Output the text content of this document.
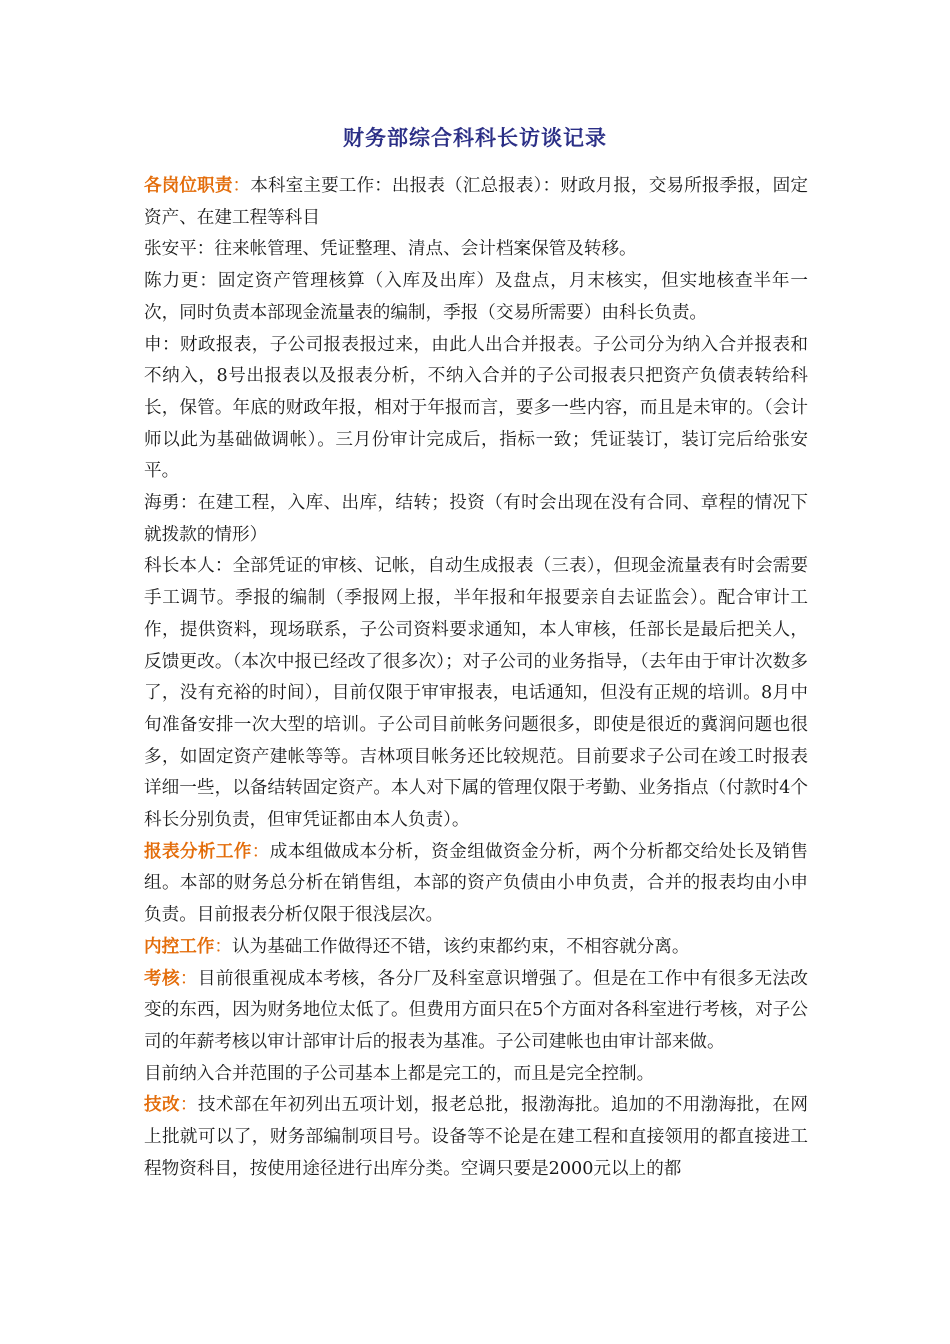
财务部综合科科长访谈记录

各岗位职责：本科室主要工作：出报表（汇总报表）：财政月报，交易所报季报，固定资产、在建工程等科目

张安平：往来帐管理、凭证整理、清点、会计档案保管及转移。

陈力更：固定资产管理核算（入库及出库）及盘点，月末核实，但实地核查半年一次，同时负责本部现金流量表的编制，季报（交易所需要）由科长负责。

申：财政报表，子公司报表报过来，由此人出合并报表。子公司分为纳入合并报表和不纳入，8号出报表以及报表分析，不纳入合并的子公司报表只把资产负债表转给科长，保管。年底的财政年报，相对于年报而言，要多一些内容，而且是未审的。（会计师以此为基础做调帐）。三月份审计完成后，指标一致；凭证装订，装订完后给张安平。

海勇：在建工程，入库、出库，结转；投资（有时会出现在没有合同、章程的情况下就拨款的情形）

科长本人：全部凭证的审核、记帐，自动生成报表（三表），但现金流量表有时会需要手工调节。季报的编制（季报网上报，半年报和年报要亲自去证监会）。配合审计工作，提供资料，现场联系，子公司资料要求通知，本人审核，任部长是最后把关人，反馈更改。（本次中报已经改了很多次）；对子公司的业务指导，（去年由于审计次数多了，没有充裕的时间），目前仅限于审审报表，电话通知，但没有正规的培训。8月中旬准备安排一次大型的培训。子公司目前帐务问题很多，即使是很近的冀润问题也很多，如固定资产建帐等等。吉林项目帐务还比较规范。目前要求子公司在竣工时报表详细一些，以备结转固定资产。本人对下属的管理仅限于考勤、业务指点（付款时4个科长分别负责，但审凭证都由本人负责）。

报表分析工作：成本组做成本分析，资金组做资金分析，两个分析都交给处长及销售组。本部的财务总分析在销售组，本部的资产负债由小申负责，合并的报表均由小申负责。目前报表分析仅限于很浅层次。

内控工作：认为基础工作做得还不错，该约束都约束，不相容就分离。

考核：目前很重视成本考核，各分厂及科室意识增强了。但是在工作中有很多无法改变的东西，因为财务地位太低了。但费用方面只在5个方面对各科室进行考核，对子公司的年薪考核以审计部审计后的报表为基准。子公司建帐也由审计部来做。

目前纳入合并范围的子公司基本上都是完工的，而且是完全控制。

技改：技术部在年初列出五项计划，报老总批，报渤海批。追加的不用渤海批，在网上批就可以了，财务部编制项目号。设备等不论是在建工程和直接领用的都直接进工程物资科目，按使用途径进行出库分类。空调只要是2000元以上的都
